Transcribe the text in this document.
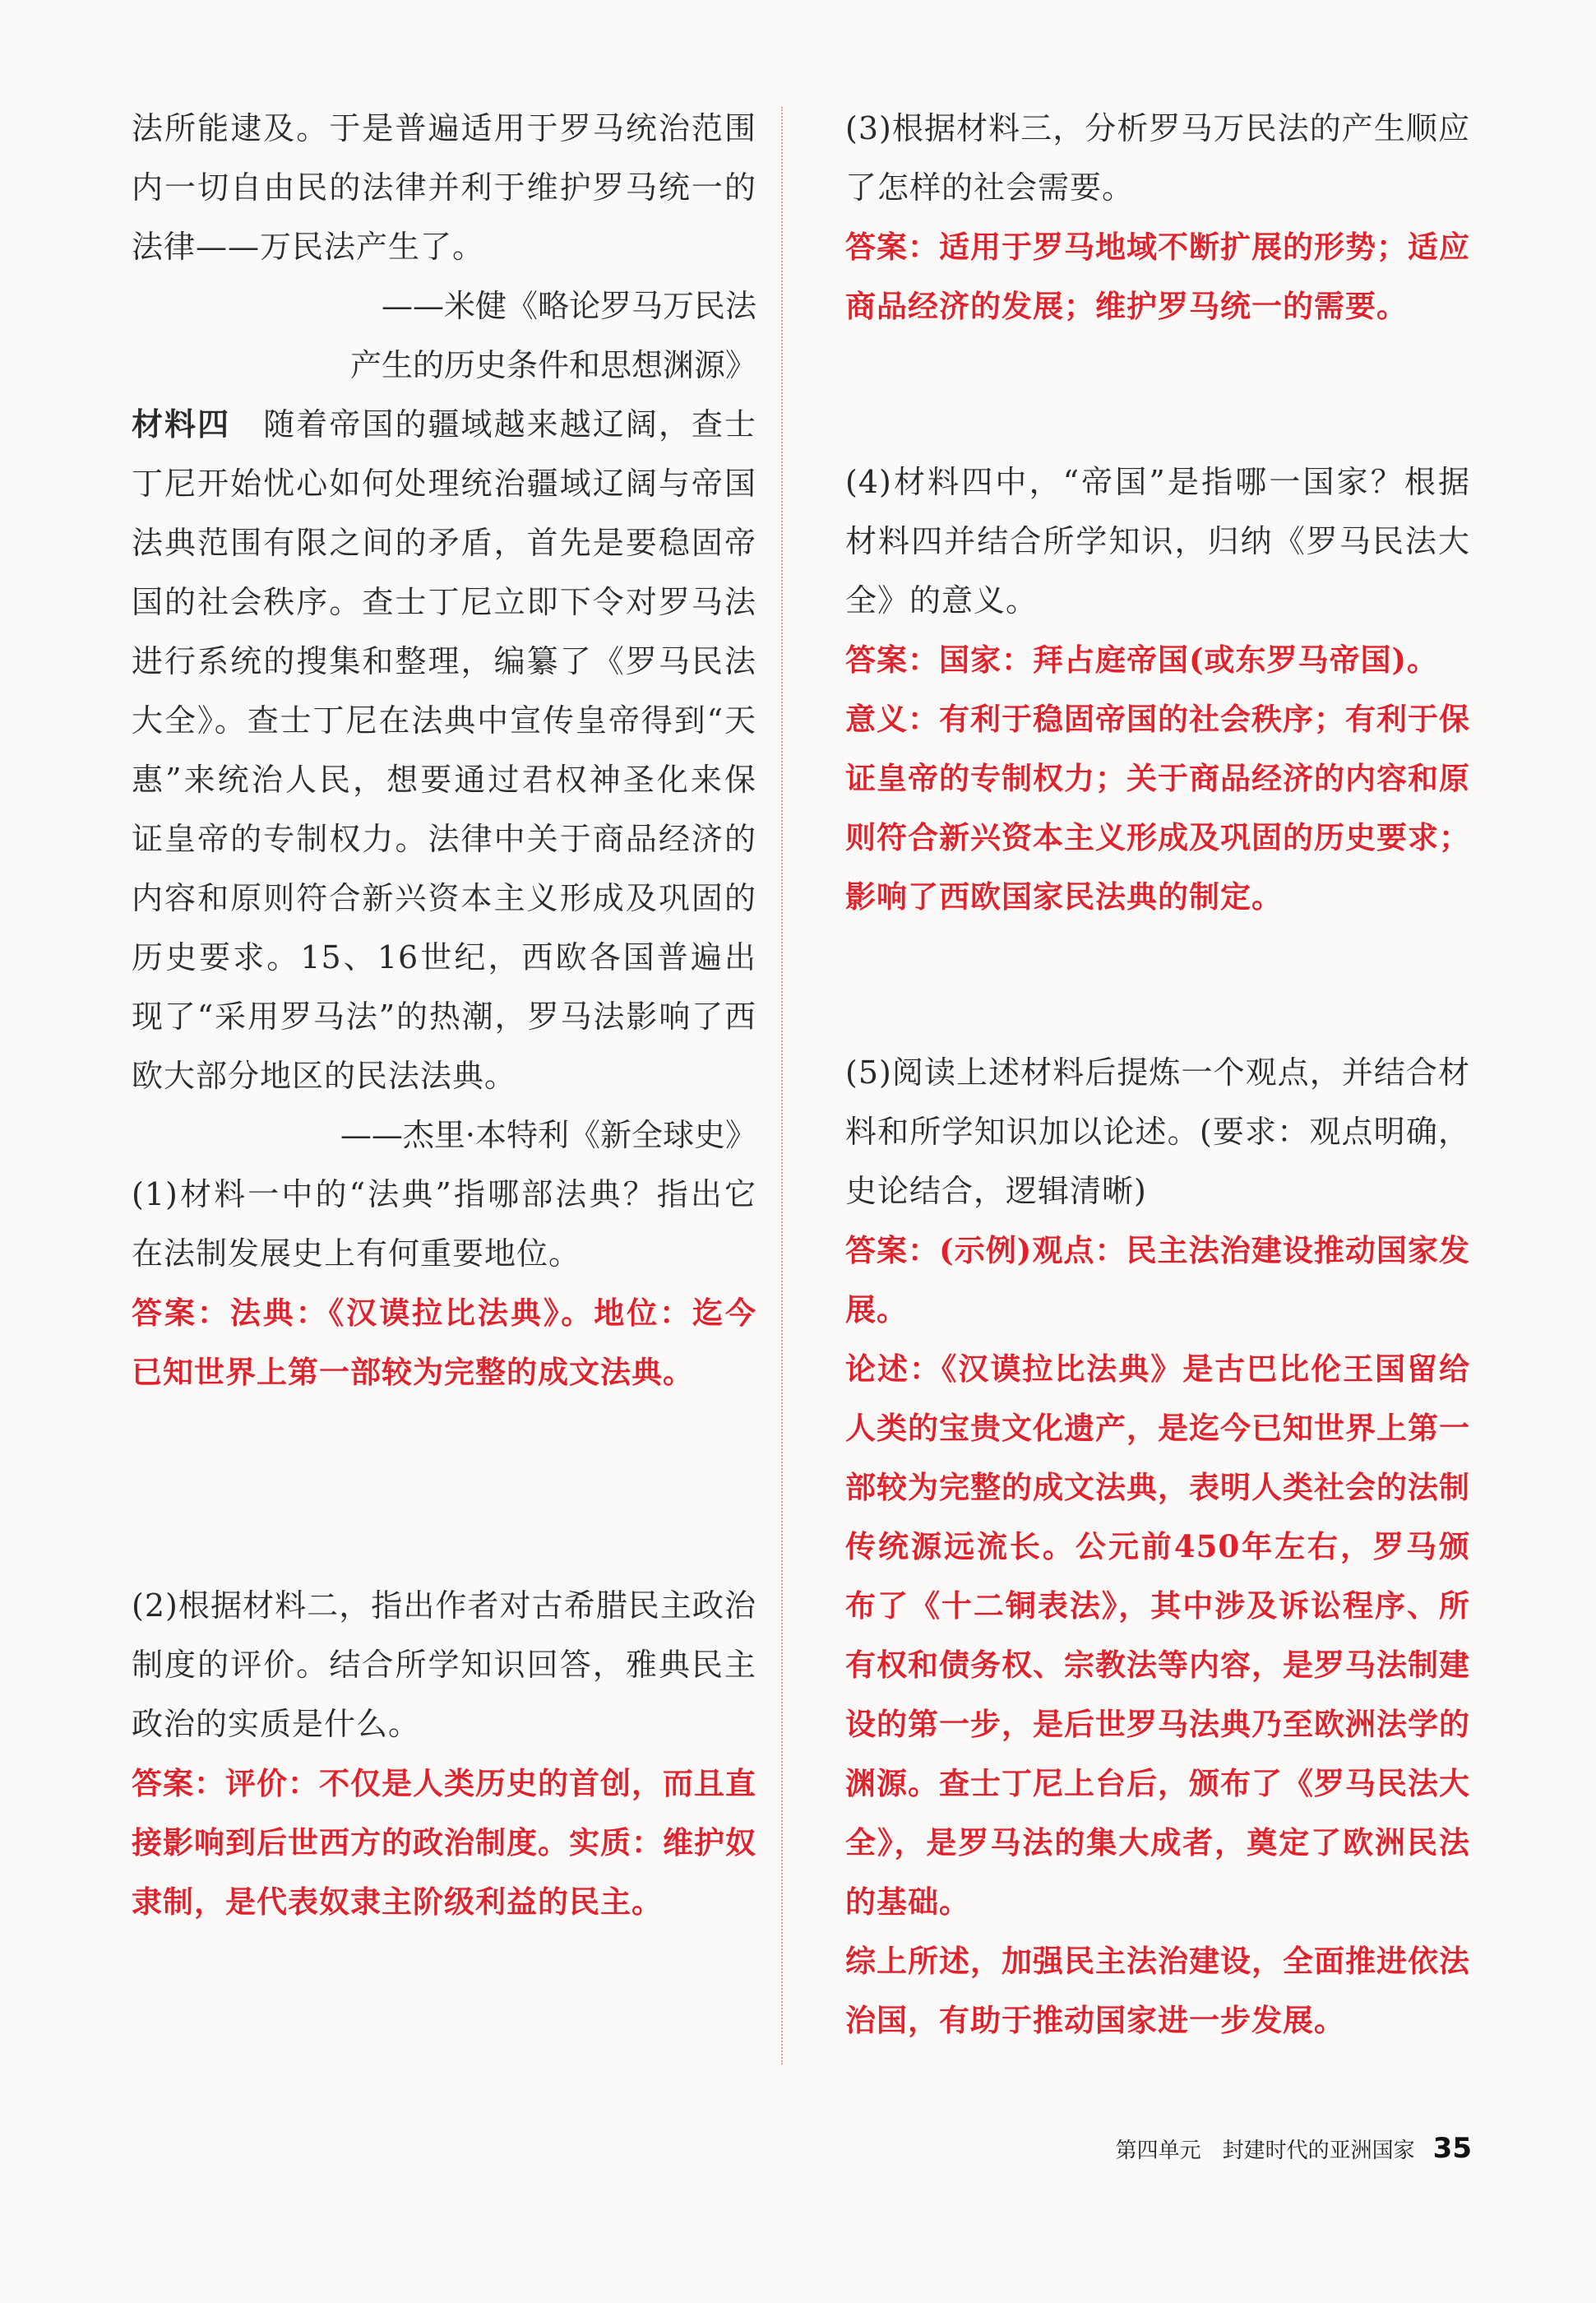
法所能逮及。于是普遍适用于罗马统治范围内一切自由民的法律并利于维护罗马统一的法律——万民法产生了。

——米健《略论罗马万民法

产生的历史条件和思想渊源》

材料四　随着帝国的疆域越来越辽阔，查士丁尼开始忧心如何处理统治疆域辽阔与帝国法典范围有限之间的矛盾，首先是要稳固帝国的社会秩序。查士丁尼立即下令对罗马法进行系统的搜集和整理，编纂了《罗马民法大全》。查士丁尼在法典中宣传皇帝得到“天惠”来统治人民，想要通过君权神圣化来保证皇帝的专制权力。法律中关于商品经济的内容和原则符合新兴资本主义形成及巩固的历史要求。15、16世纪，西欧各国普遍出现了“采用罗马法”的热潮，罗马法影响了西欧大部分地区的民法法典。

——杰里·本特利《新全球史》

(1)材料一中的“法典”指哪部法典？指出它在法制发展史上有何重要地位。

答案：法典：《汉谟拉比法典》。地位：迄今已知世界上第一部较为完整的成文法典。

(2)根据材料二，指出作者对古希腊民主政治制度的评价。结合所学知识回答，雅典民主政治的实质是什么。

答案：评价：不仅是人类历史的首创，而且直接影响到后世西方的政治制度。实质：维护奴隶制，是代表奴隶主阶级利益的民主。

(3)根据材料三，分析罗马万民法的产生顺应了怎样的社会需要。

答案：适用于罗马地域不断扩展的形势；适应商品经济的发展；维护罗马统一的需要。

(4)材料四中，“帝国”是指哪一国家？根据材料四并结合所学知识，归纳《罗马民法大全》的意义。

答案：国家：拜占庭帝国(或东罗马帝国)。

意义：有利于稳固帝国的社会秩序；有利于保证皇帝的专制权力；关于商品经济的内容和原则符合新兴资本主义形成及巩固的历史要求；影响了西欧国家民法典的制定。

(5)阅读上述材料后提炼一个观点，并结合材料和所学知识加以论述。(要求：观点明确，史论结合，逻辑清晰)

答案：(示例)观点：民主法治建设推动国家发展。

论述：《汉谟拉比法典》是古巴比伦王国留给人类的宝贵文化遗产，是迄今已知世界上第一部较为完整的成文法典，表明人类社会的法制传统源远流长。公元前450年左右，罗马颁布了《十二铜表法》，其中涉及诉讼程序、所有权和债务权、宗教法等内容，是罗马法制建设的第一步，是后世罗马法典乃至欧洲法学的渊源。查士丁尼上台后，颁布了《罗马民法大全》，是罗马法的集大成者，奠定了欧洲民法的基础。

综上所述，加强民主法治建设，全面推进依法治国，有助于推动国家进一步发展。

第四单元　封建时代的亚洲国家 35
